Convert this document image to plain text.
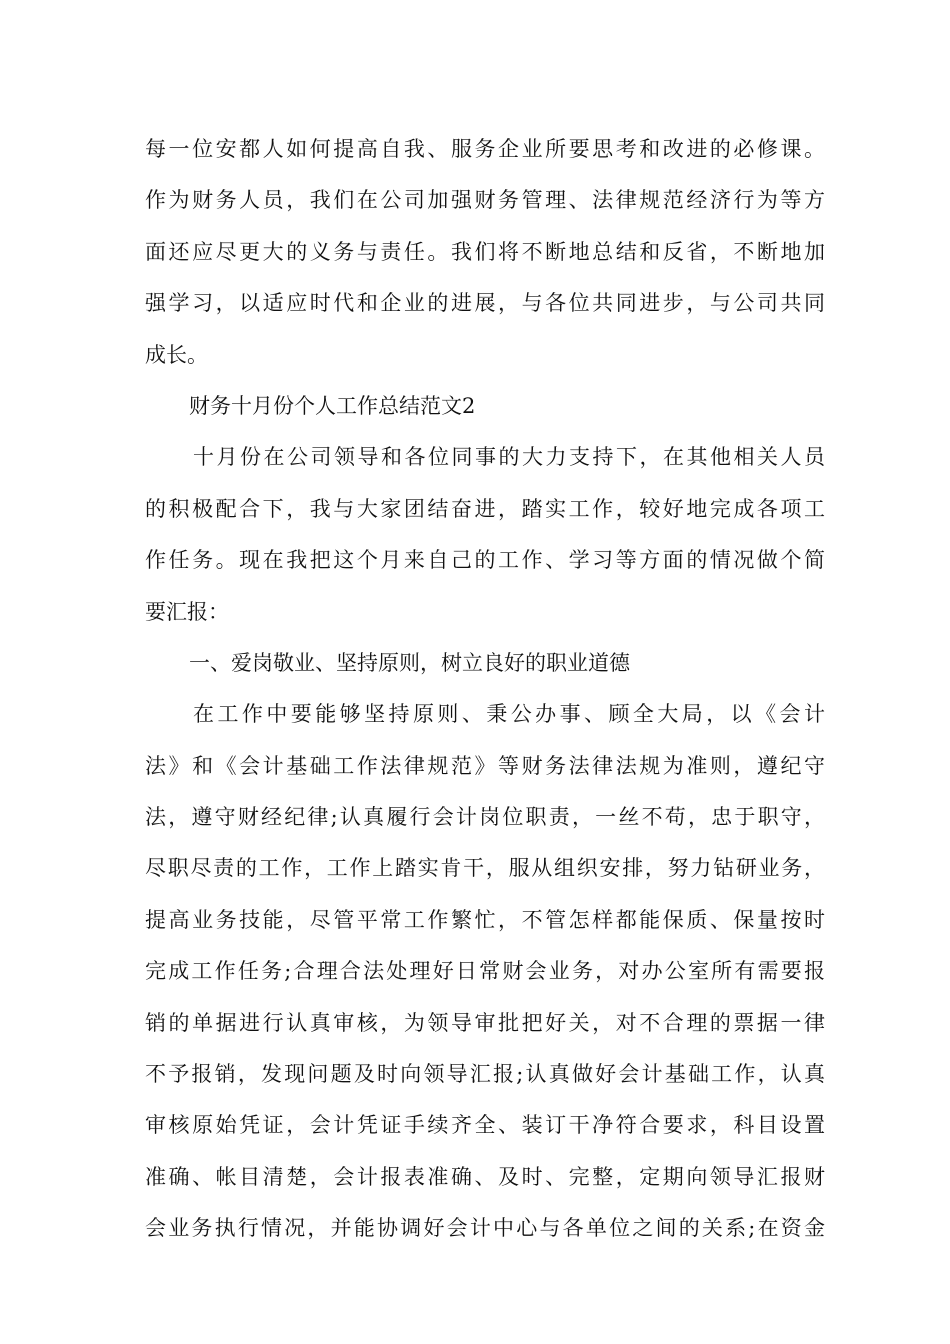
每一位安都人如何提高自我、服务企业所要思考和改进的必修课。
作为财务人员，我们在公司加强财务管理、法律规范经济行为等方
面还应尽更大的义务与责任。我们将不断地总结和反省，不断地加
强学习，以适应时代和企业的进展，与各位共同进步，与公司共同
成长。
财务十月份个人工作总结范文2
十月份在公司领导和各位同事的大力支持下，在其他相关人员
的积极配合下，我与大家团结奋进，踏实工作，较好地完成各项工
作任务。现在我把这个月来自己的工作、学习等方面的情况做个简
要汇报：
一、爱岗敬业、坚持原则，树立良好的职业道德
在工作中要能够坚持原则、秉公办事、顾全大局，以《会计
法》和《会计基础工作法律规范》等财务法律法规为准则，遵纪守
法，遵守财经纪律;认真履行会计岗位职责，一丝不苟，忠于职守，
尽职尽责的工作，工作上踏实肯干，服从组织安排，努力钻研业务，
提高业务技能，尽管平常工作繁忙，不管怎样都能保质、保量按时
完成工作任务;合理合法处理好日常财会业务，对办公室所有需要报
销的单据进行认真审核，为领导审批把好关，对不合理的票据一律
不予报销，发现问题及时向领导汇报;认真做好会计基础工作，认真
审核原始凭证，会计凭证手续齐全、装订干净符合要求，科目设置
准确、帐目清楚，会计报表准确、及时、完整，定期向领导汇报财
会业务执行情况，并能协调好会计中心与各单位之间的关系;在资金
